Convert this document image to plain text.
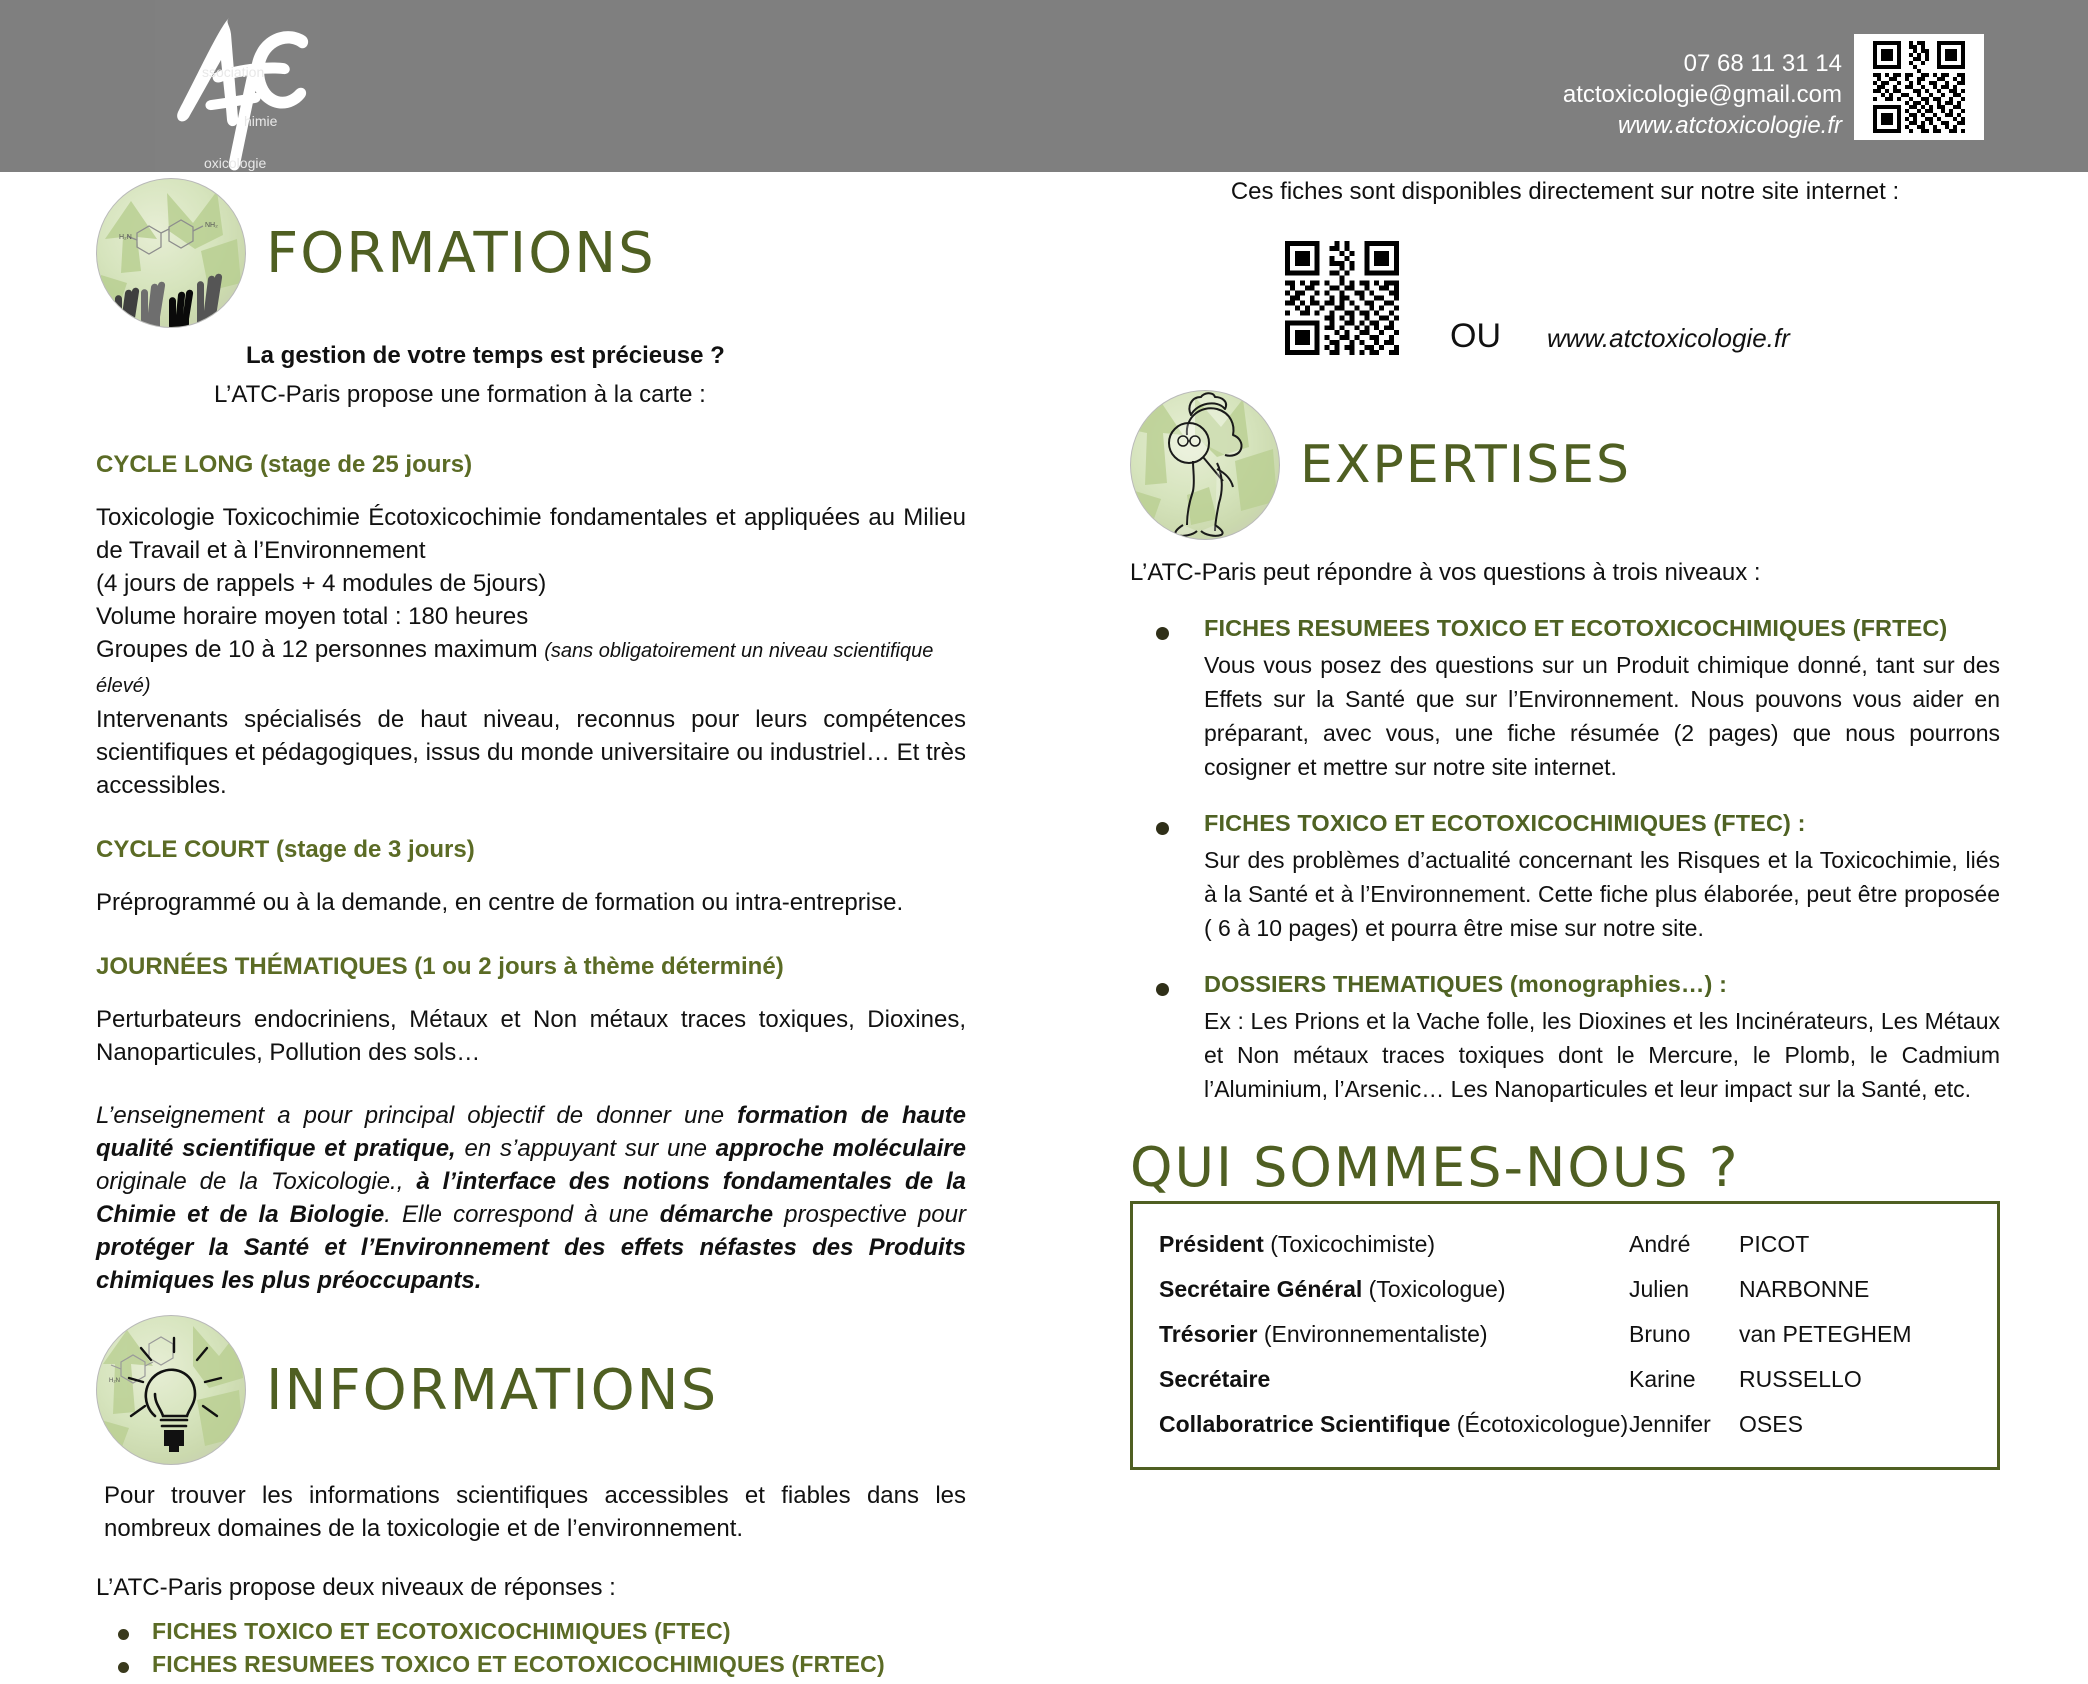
ssociation
himie
oxicologie
07 68 11 31 14
atctoxicologie@gmail.com
www.atctoxicologie.fr
H₂N
NH₂ FORMATIONS

La gestion de votre temps est précieuse ?

L’ATC-Paris propose une formation à la carte :

CYCLE LONG (stage de 25 jours)

Toxicologie Toxicochimie Écotoxicochimie fondamentales et appliquées au Milieu de Travail et à l’Environnement

(4 jours de rappels + 4 modules de 5jours)

Volume horaire moyen total : 180 heures

Groupes de 10 à 12 personnes maximum (sans obligatoirement un niveau scientifique élevé)

Intervenants spécialisés de haut niveau, reconnus pour leurs compétences scientifiques et pédagogiques, issus du monde universitaire ou industriel… Et très accessibles.

CYCLE COURT (stage de 3 jours)

Préprogrammé ou à la demande, en centre de formation ou intra-entreprise.

JOURNÉES THÉMATIQUES (1 ou 2 jours à thème déterminé)

Perturbateurs endocriniens, Métaux et Non métaux traces toxiques, Dioxines, Nanoparticules, Pollution des sols…

L’enseignement a pour principal objectif de donner une formation de haute qualité scientifique et pratique, en s’appuyant sur une approche moléculaire originale de la Toxicologie., à l’interface des notions fondamentales de la Chimie et de la Biologie. Elle correspond à une démarche prospective pour protéger la Santé et l’Environnement des effets néfastes des Produits chimiques les plus préoccupants.

H₂N	INFORMATIONS

Pour trouver les informations scientifiques accessibles et fiables dans les nombreux domaines de la toxicologie et de l’environnement.

L’ATC-Paris propose deux niveaux de réponses :

FICHES TOXICO ET ECOTOXICOCHIMIQUES (FTEC)
FICHES RESUMEES TOXICO ET ECOTOXICOCHIMIQUES (FRTEC)

Ces fiches sont disponibles directement sur notre site internet :

OU www.atctoxicologie.fr
EXPERTISES

L’ATC-Paris peut répondre à vos questions à trois niveaux :

FICHES RESUMEES TOXICO ET ECOTOXICOCHIMIQUES (FRTEC)
Vous vous posez des questions sur un Produit chimique donné, tant sur des Effets sur la Santé que sur l’Environnement. Nous pouvons vous aider en préparant, avec vous, une fiche résumée (2 pages) que nous pourrons cosigner et mettre sur notre site internet.
FICHES TOXICO ET ECOTOXICOCHIMIQUES (FTEC) :
Sur des problèmes d’actualité concernant les Risques et la Toxicochimie, liés à la Santé et à l’Environnement. Cette fiche plus élaborée, peut être proposée ( 6 à 10 pages) et pourra être mise sur notre site.
DOSSIERS THEMATIQUES (monographies…) :
Ex : Les Prions et la Vache folle, les Dioxines et les Incinérateurs, Les Métaux et Non métaux traces toxiques dont le Mercure, le Plomb, le Cadmium l’Aluminium, l’Arsenic… Les Nanoparticules et leur impact sur la Santé, etc.
QUI SOMMES-NOUS ?
Président (Toxicochimiste)	André	PICOT
Secrétaire Général (Toxicologue)	Julien	NARBONNE
Trésorier (Environnementaliste)	Bruno	van PETEGHEM
Secrétaire	Karine	RUSSELLO
Collaboratrice Scientifique (Écotoxicologue)	Jennifer	OSES
